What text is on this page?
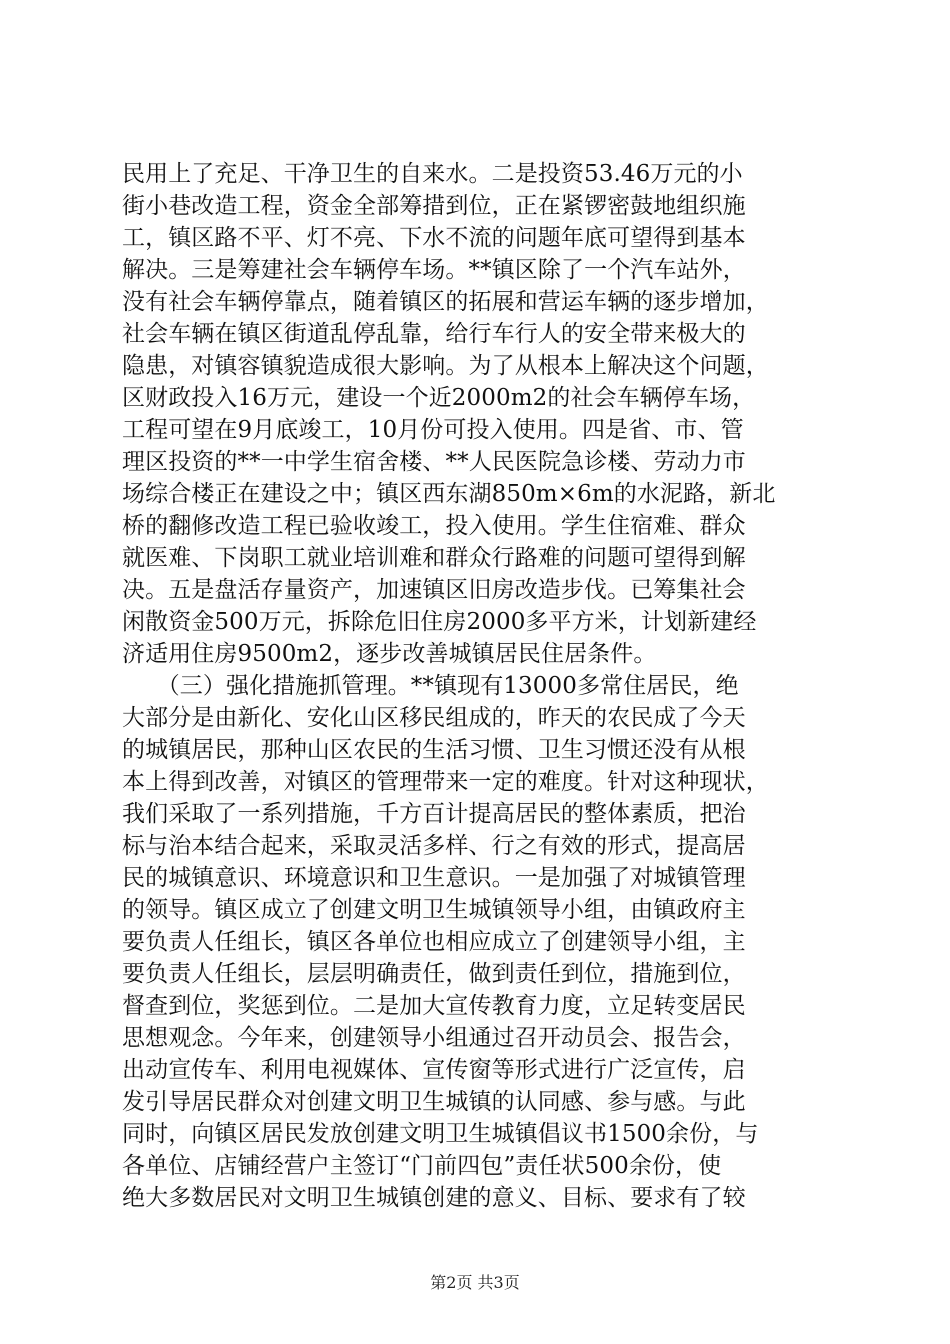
民用上了充足、干净卫生的自来水。二是投资53.46万元的小
街小巷改造工程，资金全部筹措到位，正在紧锣密鼓地组织施
工，镇区路不平、灯不亮、下水不流的问题年底可望得到基本
解决。三是筹建社会车辆停车场。**镇区除了一个汽车站外，
没有社会车辆停靠点，随着镇区的拓展和营运车辆的逐步增加，
社会车辆在镇区街道乱停乱靠，给行车行人的安全带来极大的
隐患，对镇容镇貌造成很大影响。为了从根本上解决这个问题，
区财政投入16万元，建设一个近2000m2的社会车辆停车场，
工程可望在9月底竣工，10月份可投入使用。四是省、市、管
理区投资的**一中学生宿舍楼、**人民医院急诊楼、劳动力市
场综合楼正在建设之中；镇区西东湖850m×6m的水泥路，新北
桥的翻修改造工程已验收竣工，投入使用。学生住宿难、群众
就医难、下岗职工就业培训难和群众行路难的问题可望得到解
决。五是盘活存量资产，加速镇区旧房改造步伐。已筹集社会
闲散资金500万元，拆除危旧住房2000多平方米，计划新建经
济适用住房9500m2，逐步改善城镇居民住居条件。
　　（三）强化措施抓管理。**镇现有13000多常住居民，绝
大部分是由新化、安化山区移民组成的，昨天的农民成了今天
的城镇居民，那种山区农民的生活习惯、卫生习惯还没有从根
本上得到改善，对镇区的管理带来一定的难度。针对这种现状，
我们采取了一系列措施，千方百计提高居民的整体素质，把治
标与治本结合起来，采取灵活多样、行之有效的形式，提高居
民的城镇意识、环境意识和卫生意识。一是加强了对城镇管理
的领导。镇区成立了创建文明卫生城镇领导小组，由镇政府主
要负责人任组长，镇区各单位也相应成立了创建领导小组，主
要负责人任组长，层层明确责任，做到责任到位，措施到位，
督查到位，奖惩到位。二是加大宣传教育力度，立足转变居民
思想观念。今年来，创建领导小组通过召开动员会、报告会，
出动宣传车、利用电视媒体、宣传窗等形式进行广泛宣传，启
发引导居民群众对创建文明卫生城镇的认同感、参与感。与此
同时，向镇区居民发放创建文明卫生城镇倡议书1500余份，与
各单位、店铺经营户主签订“门前四包”责任状500余份，使
绝大多数居民对文明卫生城镇创建的意义、目标、要求有了较
第2页 共3页
